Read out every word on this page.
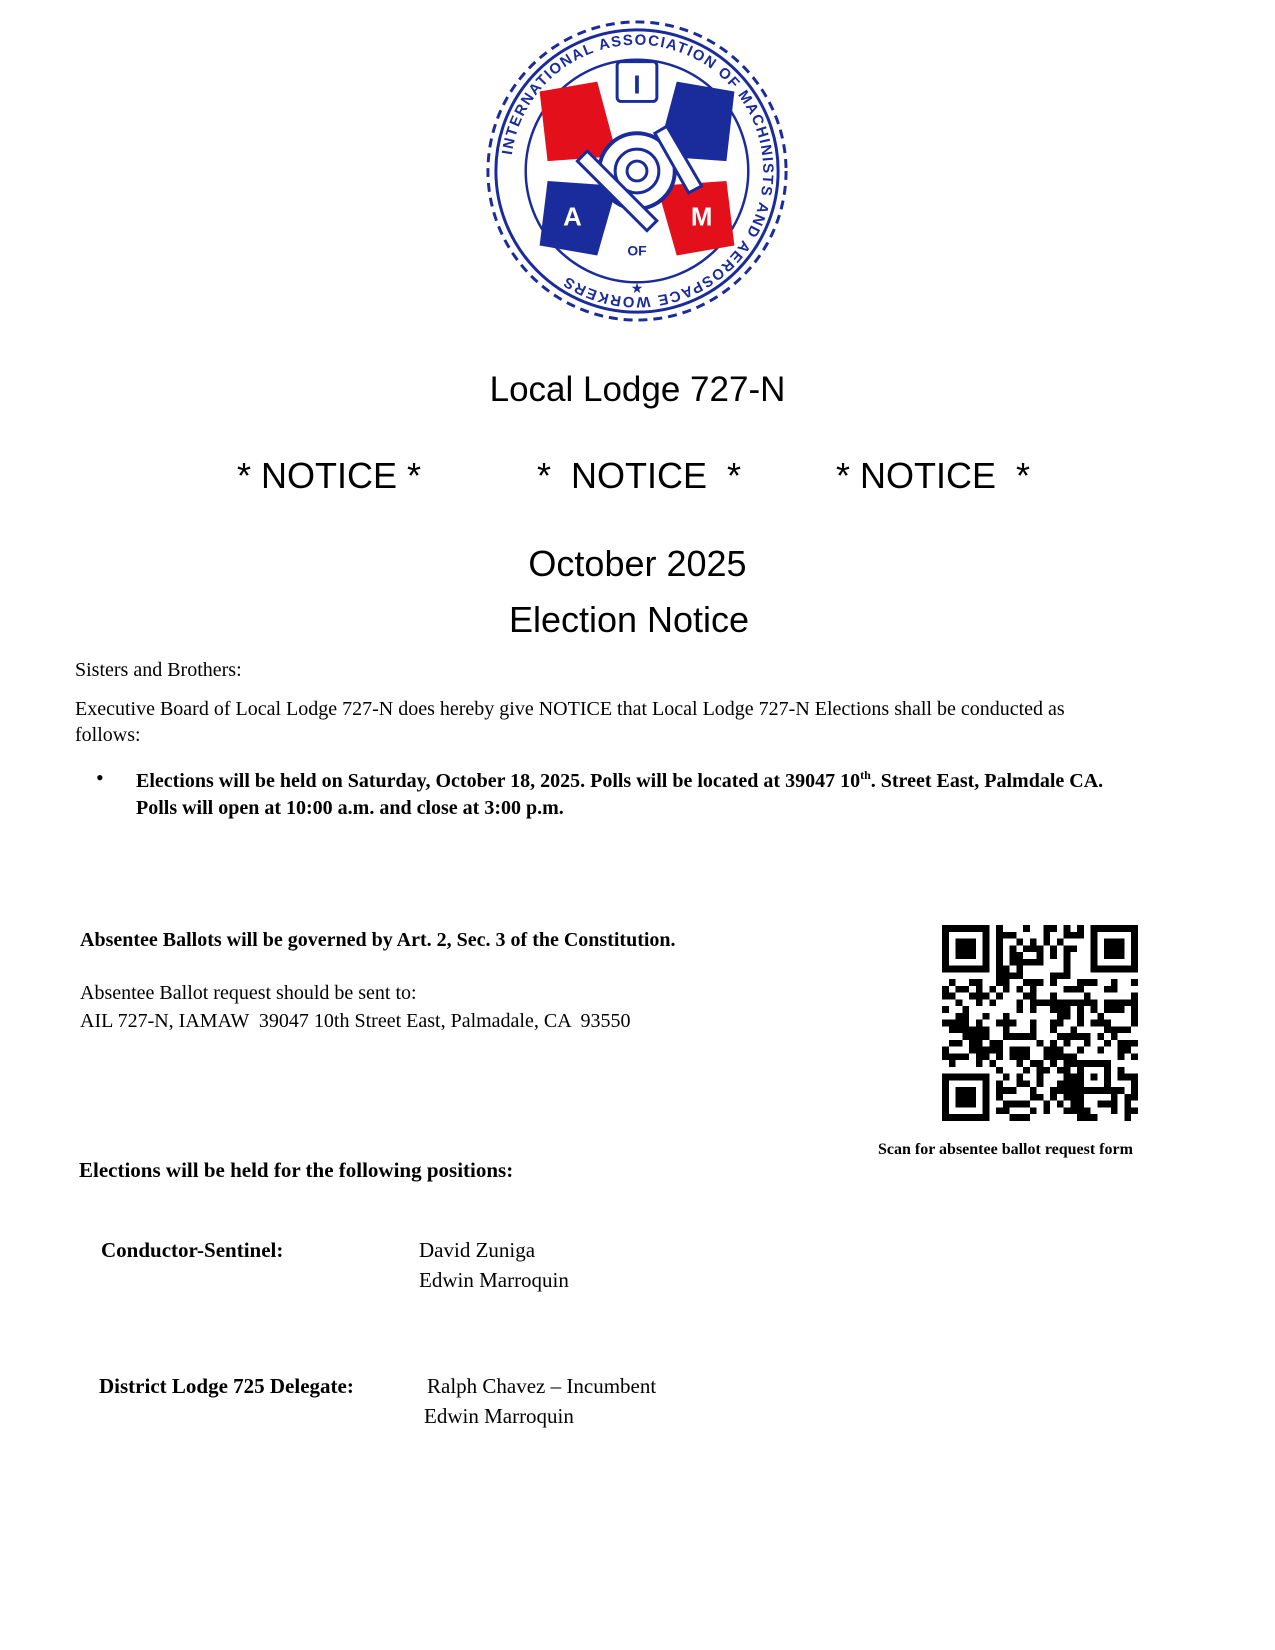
INTERNATIONAL ASSOCIATION OF MACHINISTS AND AEROSPACE WORKERS
I
A	M
OF
★
Local Lodge 727-N
* NOTICE *	*  NOTICE  *	* NOTICE  *
October 2025
Election Notice
Sisters and Brothers:
Executive Board of Local Lodge 727-N does hereby give NOTICE that Local Lodge 727-N Elections shall be conducted as follows:
• Elections will be held on Saturday, October 18, 2025. Polls will be located at 39047 10th. Street East, Palmdale CA. Polls will open at 10:00 a.m. and close at 3:00 p.m.
Absentee Ballots will be governed by Art. 2, Sec. 3 of the Constitution.
Absentee Ballot request should be sent to:
AIL 727-N, IAMAW  39047 10th Street East, Palmadale, CA  93550
Scan for absentee ballot request form
Elections will be held for the following positions:
Conductor-Sentinel:	David Zuniga
Edwin Marroquin
District Lodge 725 Delegate:	Ralph Chavez – Incumbent
Edwin Marroquin
